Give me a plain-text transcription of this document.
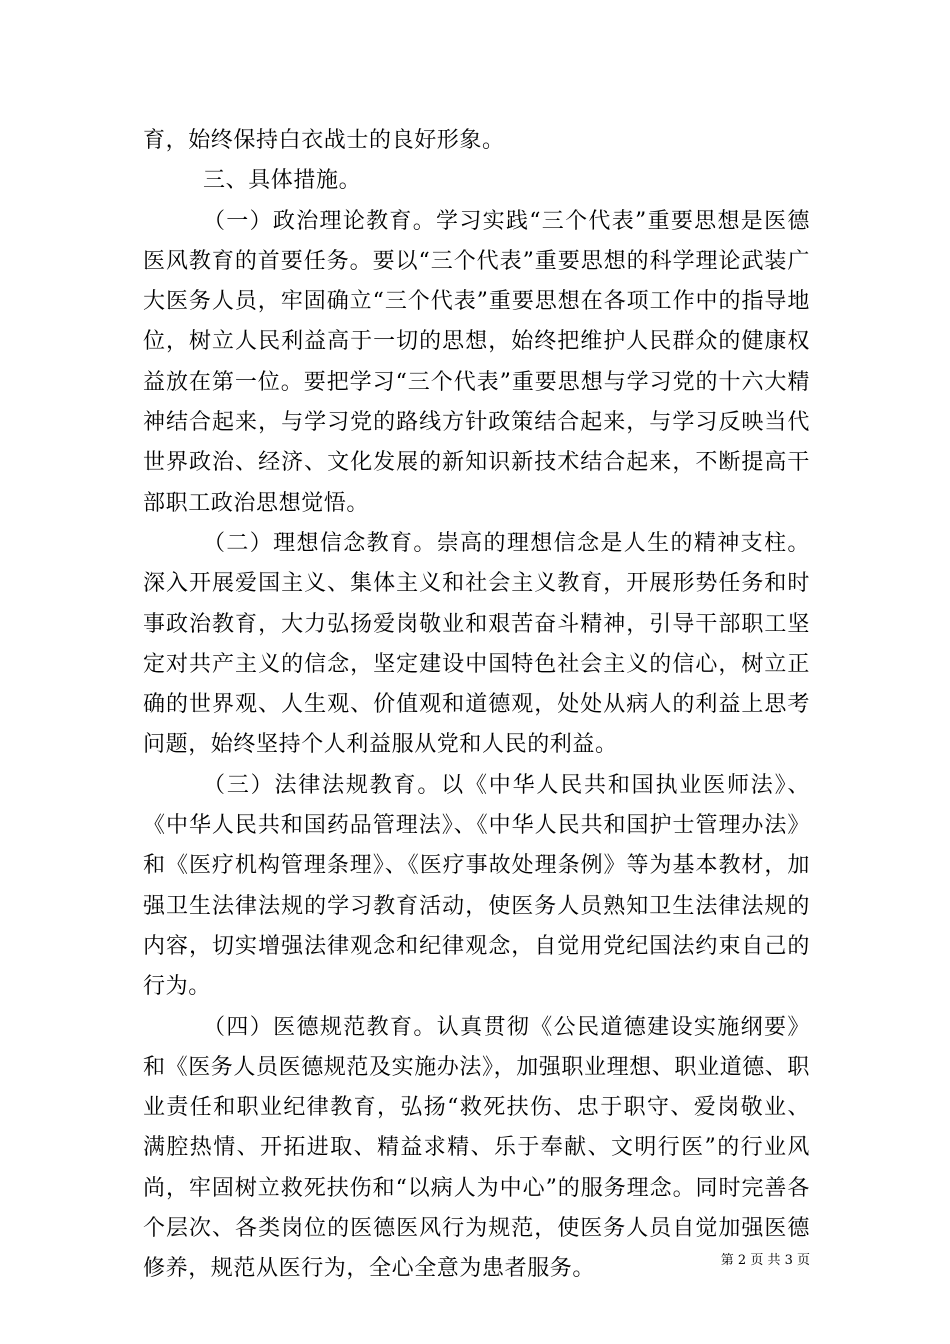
育，始终保持白衣战士的良好形象。

三、具体措施。

（一）政治理论教育。学习实践“三个代表”重要思想是医德医风教育的首要任务。要以“三个代表”重要思想的科学理论武装广大医务人员，牢固确立“三个代表”重要思想在各项工作中的指导地位，树立人民利益高于一切的思想，始终把维护人民群众的健康权益放在第一位。要把学习“三个代表”重要思想与学习党的十六大精神结合起来，与学习党的路线方针政策结合起来，与学习反映当代世界政治、经济、文化发展的新知识新技术结合起来，不断提高干部职工政治思想觉悟。

（二）理想信念教育。崇高的理想信念是人生的精神支柱。深入开展爱国主义、集体主义和社会主义教育，开展形势任务和时事政治教育，大力弘扬爱岗敬业和艰苦奋斗精神，引导干部职工坚定对共产主义的信念，坚定建设中国特色社会主义的信心，树立正确的世界观、人生观、价值观和道德观，处处从病人的利益上思考问题，始终坚持个人利益服从党和人民的利益。

（三）法律法规教育。以《中华人民共和国执业医师法》、《中华人民共和国药品管理法》、《中华人民共和国护士管理办法》和《医疗机构管理条理》、《医疗事故处理条例》等为基本教材，加强卫生法律法规的学习教育活动，使医务人员熟知卫生法律法规的内容，切实增强法律观念和纪律观念，自觉用党纪国法约束自己的行为。

（四）医德规范教育。认真贯彻《公民道德建设实施纲要》和《医务人员医德规范及实施办法》，加强职业理想、职业道德、职业责任和职业纪律教育，弘扬“救死扶伤、忠于职守、爱岗敬业、满腔热情、开拓进取、精益求精、乐于奉献、文明行医”的行业风尚，牢固树立救死扶伤和“以病人为中心”的服务理念。同时完善各个层次、各类岗位的医德医风行为规范，使医务人员自觉加强医德修养，规范从医行为，全心全意为患者服务。	第 2 页 共 3 页
